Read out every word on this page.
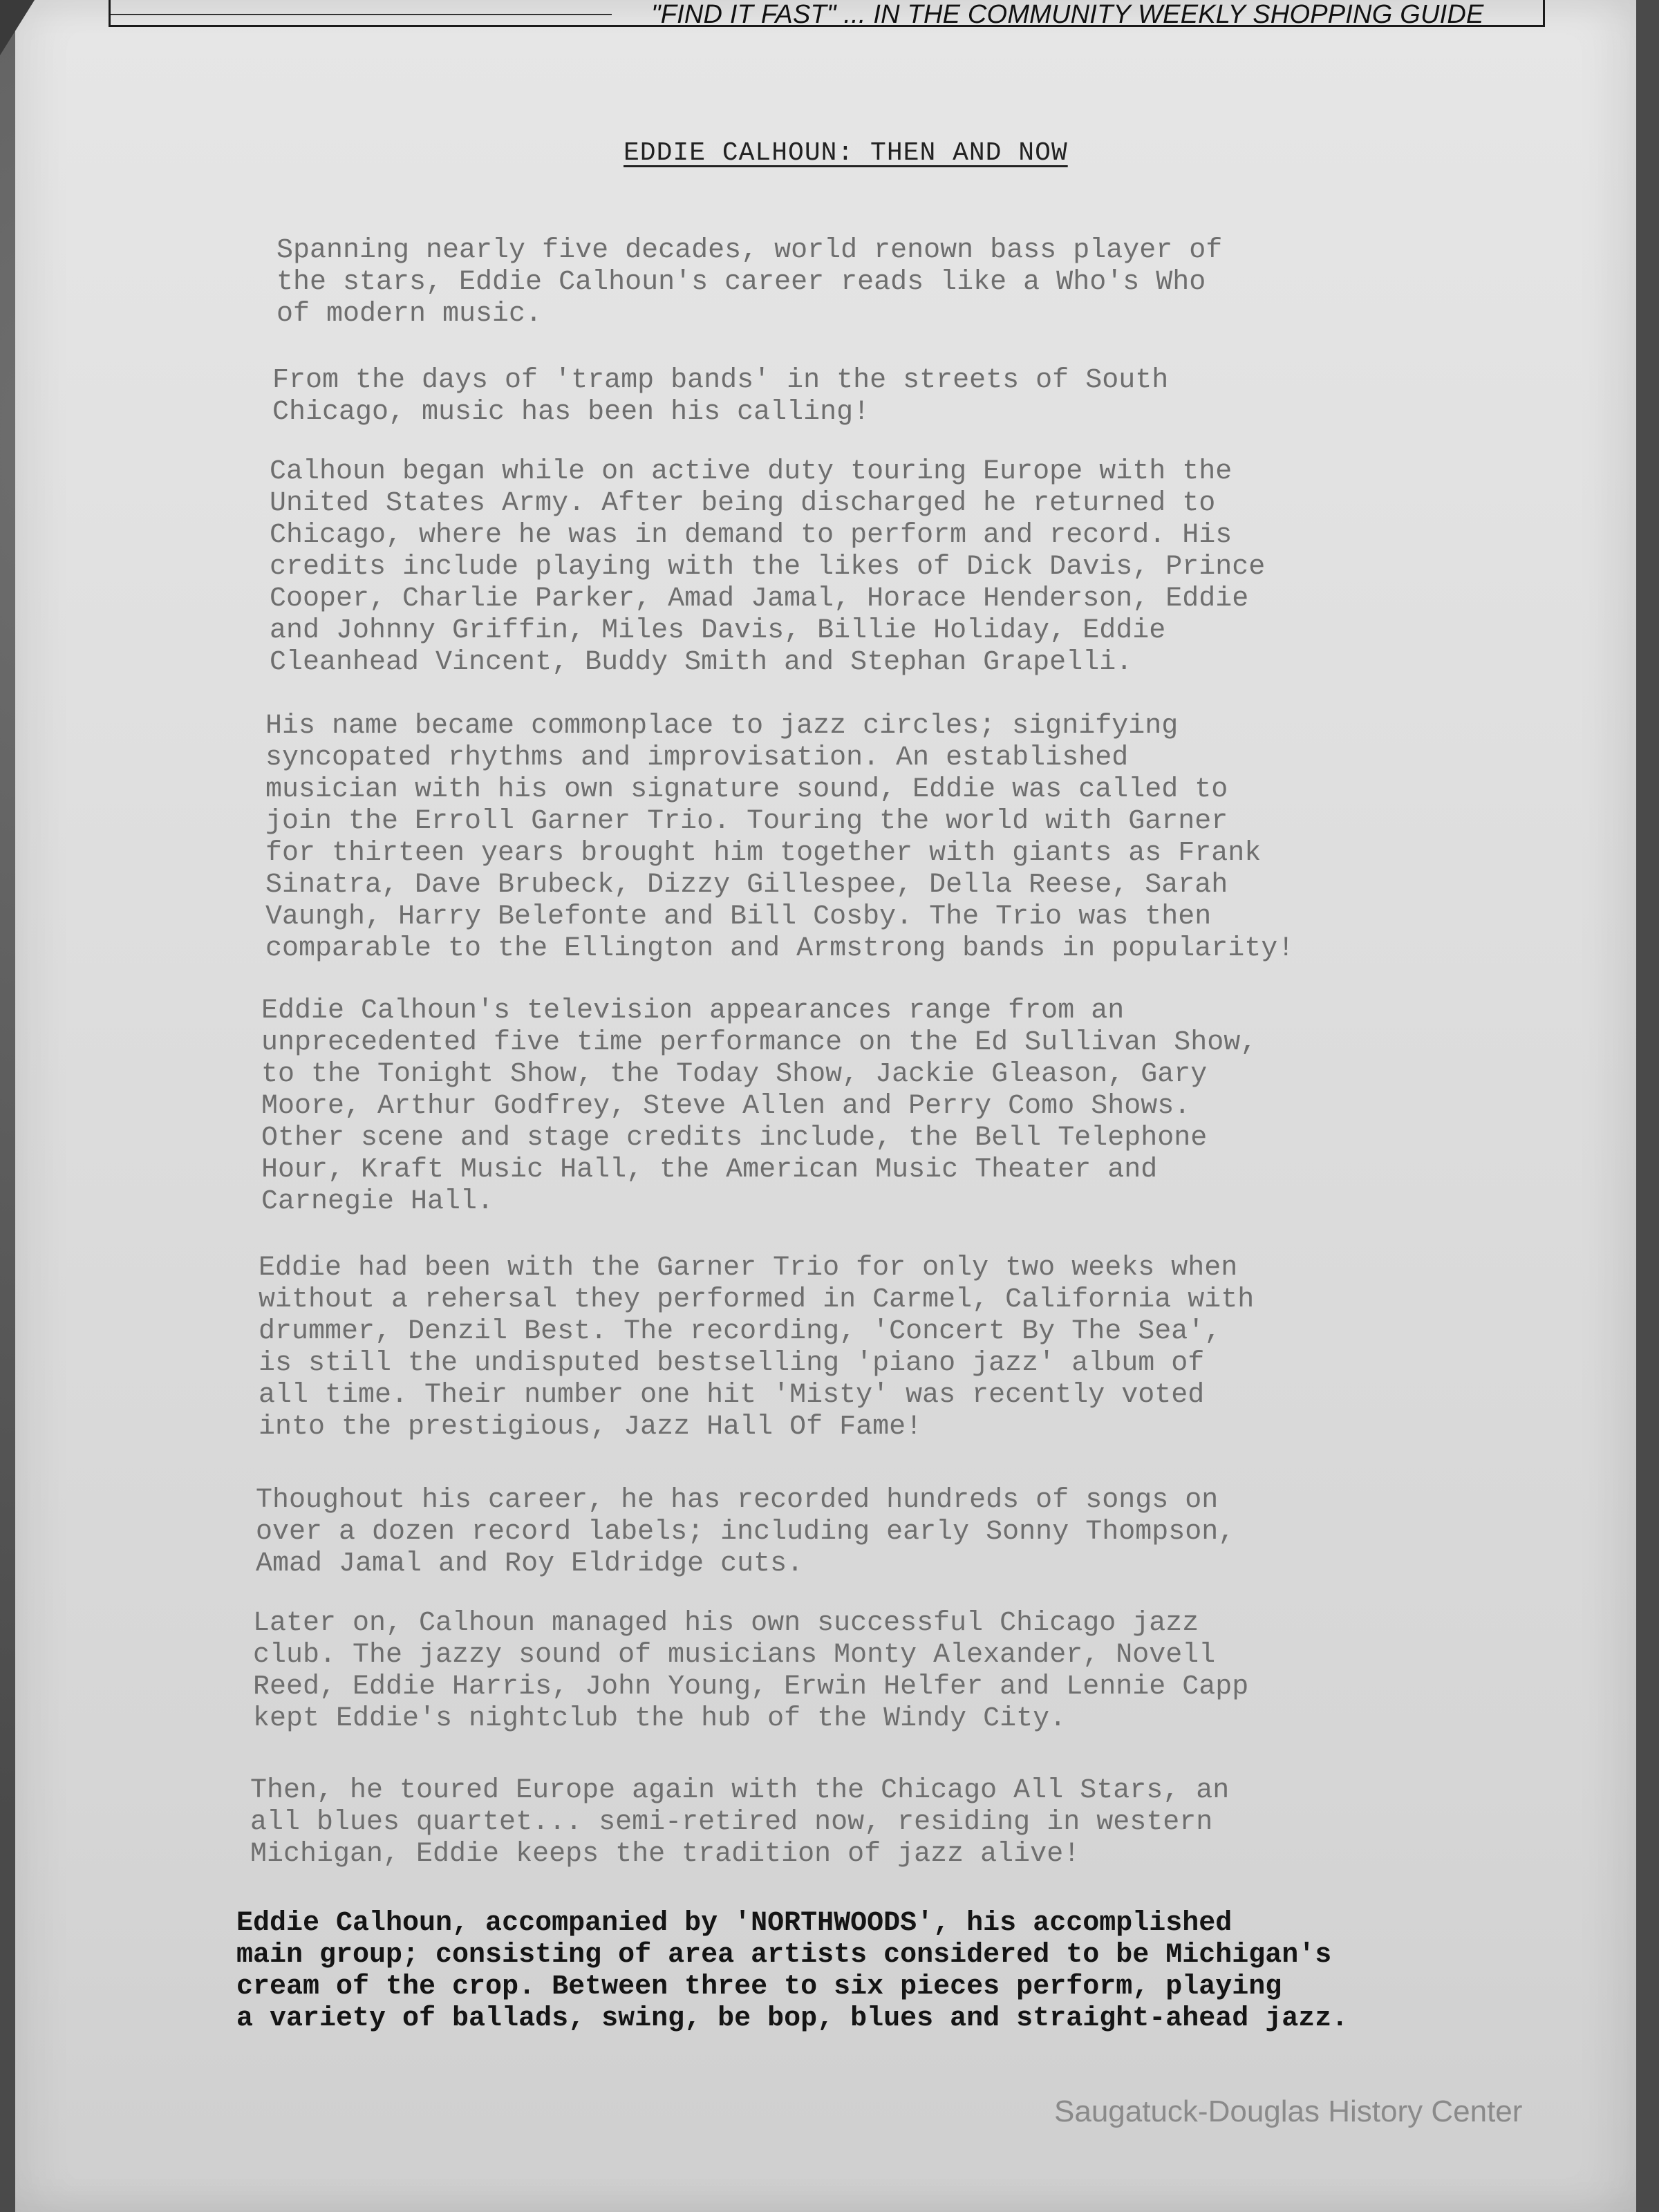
"FIND IT FAST" ... IN THE COMMUNITY WEEKLY SHOPPING GUIDE
EDDIE CALHOUN: THEN AND NOW

Spanning nearly five decades, world renown bass player of
the stars, Eddie Calhoun's career reads like a Who's Who
of modern music.

From the days of 'tramp bands' in the streets of South
Chicago, music has been his calling!

Calhoun began while on active duty touring Europe with the
United States Army. After being discharged he returned to
Chicago, where he was in demand to perform and record. His
credits include playing with the likes of Dick Davis, Prince
Cooper, Charlie Parker, Amad Jamal, Horace Henderson, Eddie
and Johnny Griffin, Miles Davis, Billie Holiday, Eddie
Cleanhead Vincent, Buddy Smith and Stephan Grapelli.

His name became commonplace to jazz circles; signifying
syncopated rhythms and improvisation. An established
musician with his own signature sound, Eddie was called to
join the Erroll Garner Trio. Touring the world with Garner
for thirteen years brought him together with giants as Frank
Sinatra, Dave Brubeck, Dizzy Gillespee, Della Reese, Sarah
Vaungh, Harry Belefonte and Bill Cosby. The Trio was then
comparable to the Ellington and Armstrong bands in popularity!

Eddie Calhoun's television appearances range from an
unprecedented five time performance on the Ed Sullivan Show,
to the Tonight Show, the Today Show, Jackie Gleason, Gary
Moore, Arthur Godfrey, Steve Allen and Perry Como Shows.
Other scene and stage credits include, the Bell Telephone
Hour, Kraft Music Hall, the American Music Theater and
Carnegie Hall.

Eddie had been with the Garner Trio for only two weeks when
without a rehersal they performed in Carmel, California with
drummer, Denzil Best. The recording, 'Concert By The Sea',
is still the undisputed bestselling 'piano jazz' album of
all time. Their number one hit 'Misty' was recently voted
into the prestigious, Jazz Hall Of Fame!

Thoughout his career, he has recorded hundreds of songs on
over a dozen record labels; including early Sonny Thompson,
Amad Jamal and Roy Eldridge cuts.

Later on, Calhoun managed his own successful Chicago jazz
club. The jazzy sound of musicians Monty Alexander, Novell
Reed, Eddie Harris, John Young, Erwin Helfer and Lennie Capp
kept Eddie's nightclub the hub of the Windy City.

Then, he toured Europe again with the Chicago All Stars, an
all blues quartet... semi-retired now, residing in western
Michigan, Eddie keeps the tradition of jazz alive!

Eddie Calhoun, accompanied by 'NORTHWOODS', his accomplished
main group; consisting of area artists considered to be Michigan's
cream of the crop. Between three to six pieces perform, playing
a variety of ballads, swing, be bop, blues and straight-ahead jazz.

Saugatuck-Douglas History Center
